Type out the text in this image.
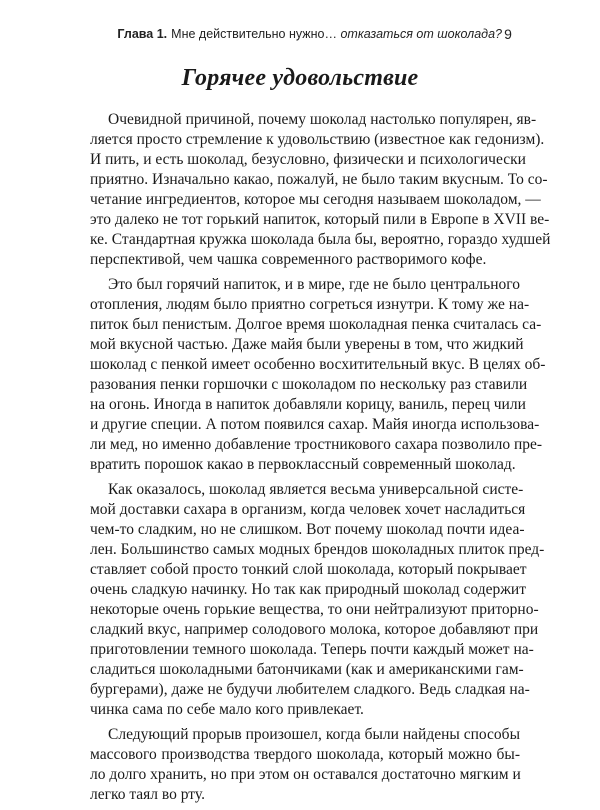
Глава 1. Мне действительно нужно…
отказаться от шоколада? 9
Горячее удовольствие

Очевидной причиной, почему шоколад настолько популярен, яв-
ляется просто стремление к удовольствию (известное как гедонизм).
И пить, и есть шоколад, безусловно, физически и психологически
приятно. Изначально какао, пожалуй, не было таким вкусным. То со-
четание ингредиентов, которое мы сегодня называем шоколадом, —
это далеко не тот горький напиток, который пили в Европе в XVII ве-
ке. Стандартная кружка шоколада была бы, вероятно, гораздо худшей
перспективой, чем чашка современного растворимого кофе.

Это был горячий напиток, и в мире, где не было центрального
отопления, людям было приятно согреться изнутри. К тому же на-
питок был пенистым. Долгое время шоколадная пенка считалась са-
мой вкусной частью. Даже майя были уверены в том, что жидкий
шоколад с пенкой имеет особенно восхитительный вкус. В целях об-
разования пенки горшочки с шоколадом по нескольку раз ставили
на огонь. Иногда в напиток добавляли корицу, ваниль, перец чили
и другие специи. А потом появился сахар. Майя иногда использова-
ли мед, но именно добавление тростникового сахара позволило пре-
вратить порошок какао в первоклассный современный шоколад.

Как оказалось, шоколад является весьма универсальной систе-
мой доставки сахара в организм, когда человек хочет насладиться
чем-то сладким, но не слишком. Вот почему шоколад почти идеа-
лен. Большинство самых модных брендов шоколадных плиток пред-
ставляет собой просто тонкий слой шоколада, который покрывает
очень сладкую начинку. Но так как природный шоколад содержит
некоторые очень горькие вещества, то они нейтрализуют приторно-
сладкий вкус, например солодового молока, которое добавляют при
приготовлении темного шоколада. Теперь почти каждый может на-
сладиться шоколадными батончиками (как и американскими гам-
бургерами), даже не будучи любителем сладкого. Ведь сладкая на-
чинка сама по себе мало кого привлекает.

Следующий прорыв произошел, когда были найдены способы
массового производства твердого шоколада, который можно бы-
ло долго хранить, но при этом он оставался достаточно мягким и
легко таял во рту.
